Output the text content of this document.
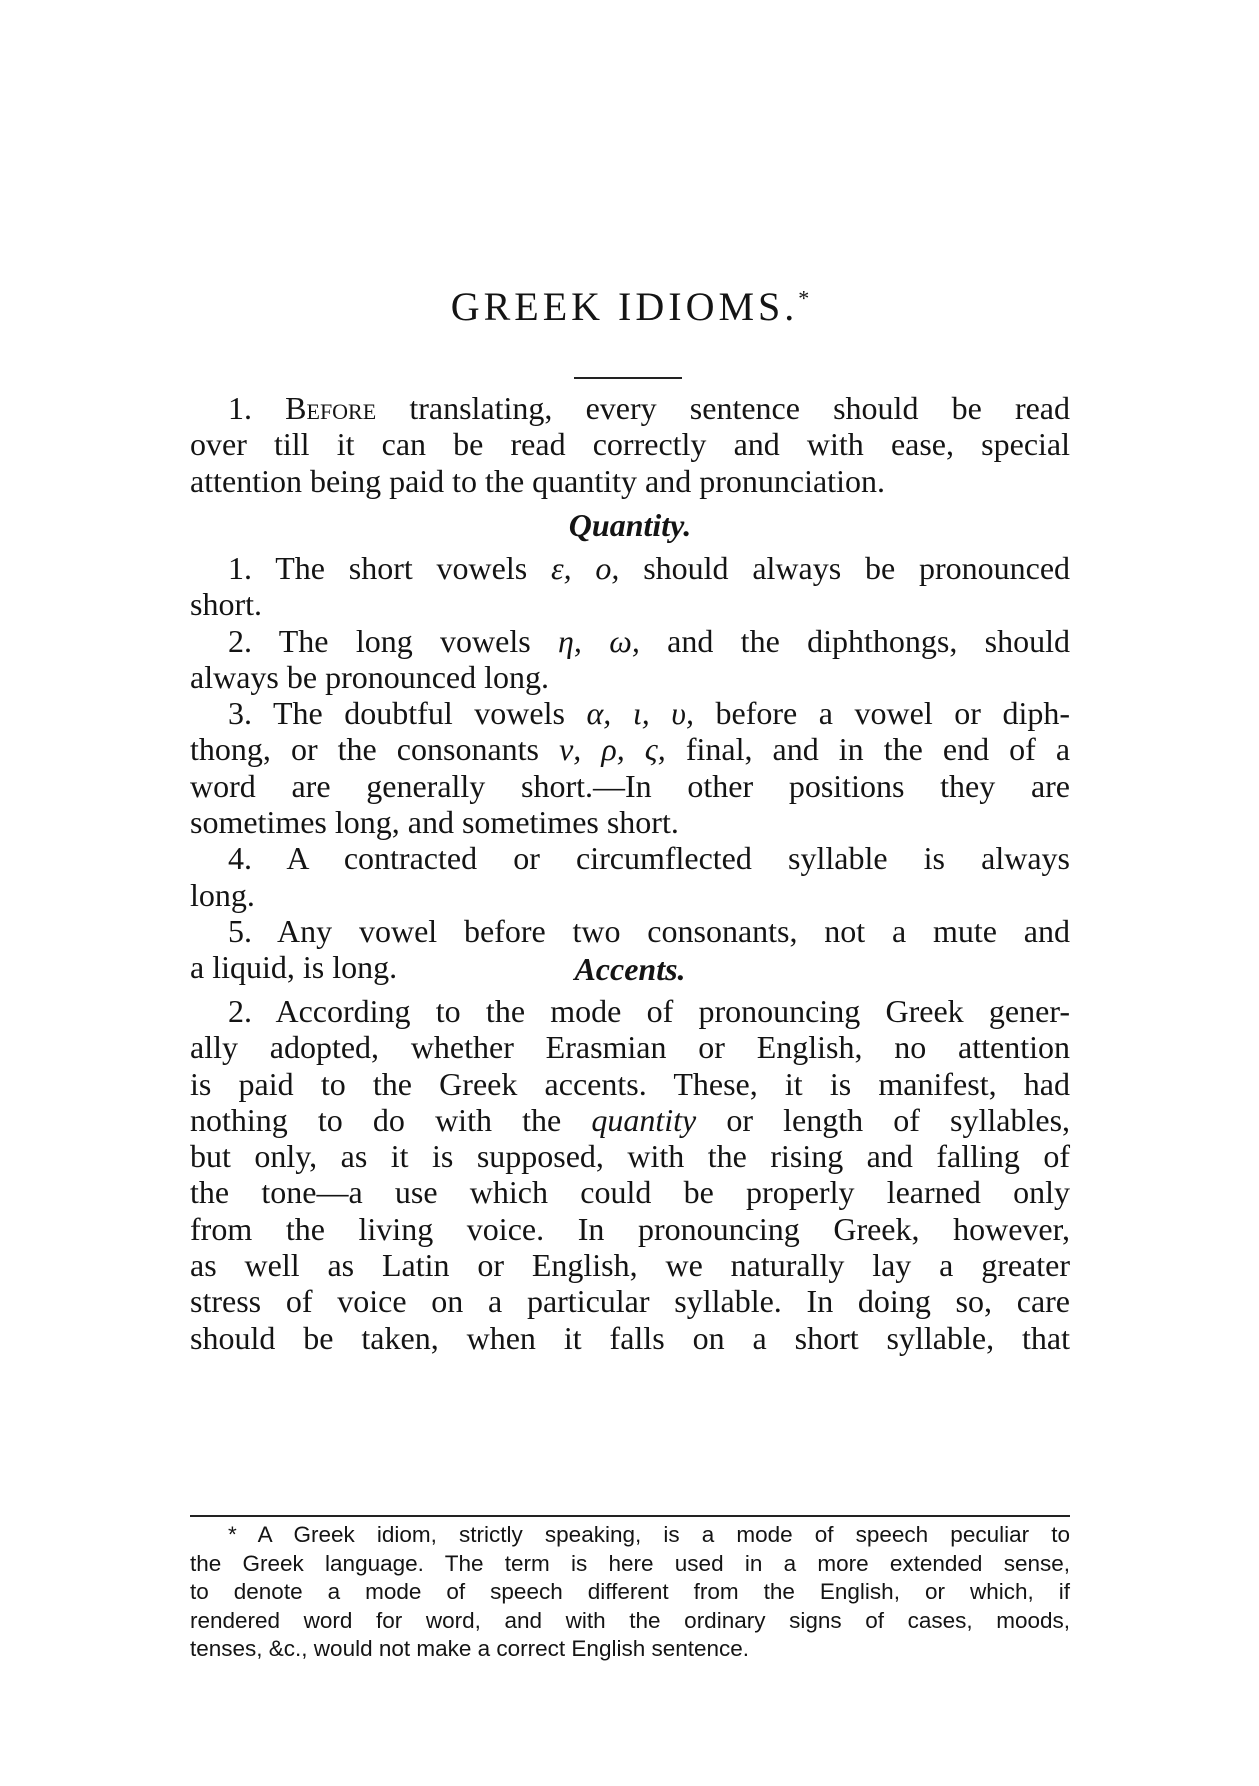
GREEK IDIOMS.*

1. Before translating, every sentence should be read
over till it can be read correctly and with ease, special
attention being paid to the quantity and pronunciation.

Quantity.
1. The short vowels ε, ο, should always be pronounced
short.
2. The long vowels η, ω, and the diphthongs, should
always be pronounced long.
3. The doubtful vowels α, ι, υ, before a vowel or diph-
thong, or the consonants ν, ρ, ς, final, and in the end of a
word are generally short.—In other positions they are
sometimes long, and sometimes short.
4. A contracted or circumflected syllable is always
long.
5. Any vowel before two consonants, not a mute and
a liquid, is long.	Accents.
2. According to the mode of pronouncing Greek gener-
ally adopted, whether Erasmian or English, no attention
is paid to the Greek accents. These, it is manifest, had
nothing to do with the quantity or length of syllables,
but only, as it is supposed, with the rising and falling of
the tone—a use which could be properly learned only
from the living voice. In pronouncing Greek, however,
as well as Latin or English, we naturally lay a greater
stress of voice on a particular syllable. In doing so, care
should be taken, when it falls on a short syllable, that
* A Greek idiom, strictly speaking, is a mode of speech peculiar to
the Greek language. The term is here used in a more extended sense,
to denote a mode of speech different from the English, or which, if
rendered word for word, and with the ordinary signs of cases, moods,
tenses, &c., would not make a correct English sentence.
